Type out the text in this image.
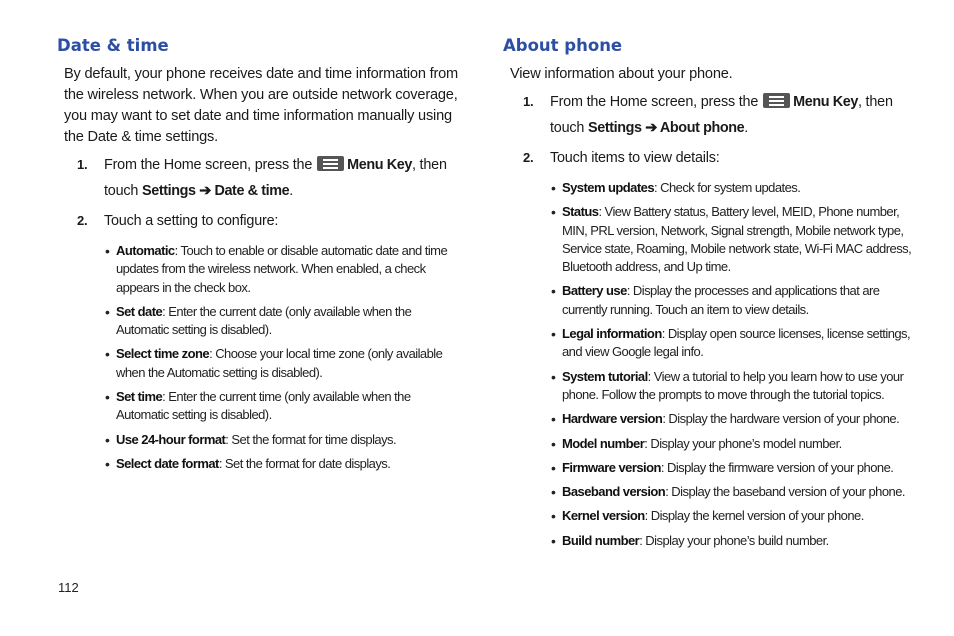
Date & time

By default, your phone receives date and time information from the wireless network. When you are outside network coverage, you may want to set date and time information manually using the Date & time settings.

1. From the Home screen, press the Menu Key, then
touch Settings ➔ Date & time.
2. Touch a setting to configure:
• Automatic: Touch to enable or disable automatic date and time updates from the wireless network. When enabled, a check appears in the check box.
• Set date: Enter the current date (only available when the Automatic setting is disabled).
• Select time zone: Choose your local time zone (only available when the Automatic setting is disabled).
• Set time: Enter the current time (only available when the Automatic setting is disabled).
• Use 24-hour format: Set the format for time displays.
• Select date format: Set the format for date displays.
About phone

View information about your phone.

1. From the Home screen, press the Menu Key, then
touch Settings ➔ About phone.
2. Touch items to view details:
• System updates: Check for system updates.
• Status: View Battery status, Battery level, MEID, Phone number, MIN, PRL version, Network, Signal strength, Mobile network type, Service state, Roaming, Mobile network state, Wi-Fi MAC address, Bluetooth address, and Up time.
• Battery use: Display the processes and applications that are currently running. Touch an item to view details.
• Legal information: Display open source licenses, license settings, and view Google legal info.
• System tutorial: View a tutorial to help you learn how to use your phone. Follow the prompts to move through the tutorial topics.
• Hardware version: Display the hardware version of your phone.
• Model number: Display your phone’s model number.
• Firmware version: Display the firmware version of your phone.
• Baseband version: Display the baseband version of your phone.
• Kernel version: Display the kernel version of your phone.
• Build number: Display your phone’s build number.
112
